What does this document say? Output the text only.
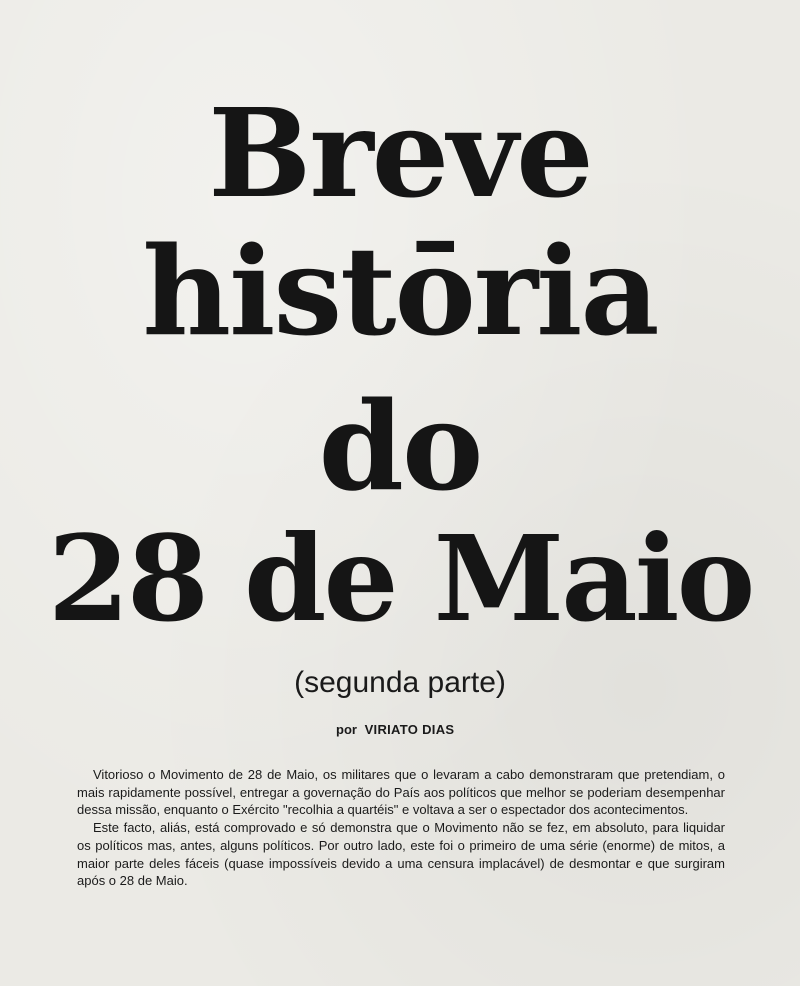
Breve
histōria
do
28 de Maio
(segunda parte)
por VIRIATO DIAS

Vitorioso o Movimento de 28 de Maio, os militares que o levaram a cabo demonstraram que pretendiam, o mais rapidamente possível, entregar a governação do País aos políticos que melhor se poderiam desempenhar dessa missão, enquanto o Exército "recolhia a quartéis" e voltava a ser o espectador dos acontecimentos.

Este facto, aliás, está comprovado e só demonstra que o Movimento não se fez, em absoluto, para liquidar os políticos mas, antes, alguns políticos. Por outro lado, este foi o primeiro de uma série (enorme) de mitos, a maior parte deles fáceis (quase impossíveis devido a uma censura implacável) de desmontar e que surgiram após o 28 de Maio.
